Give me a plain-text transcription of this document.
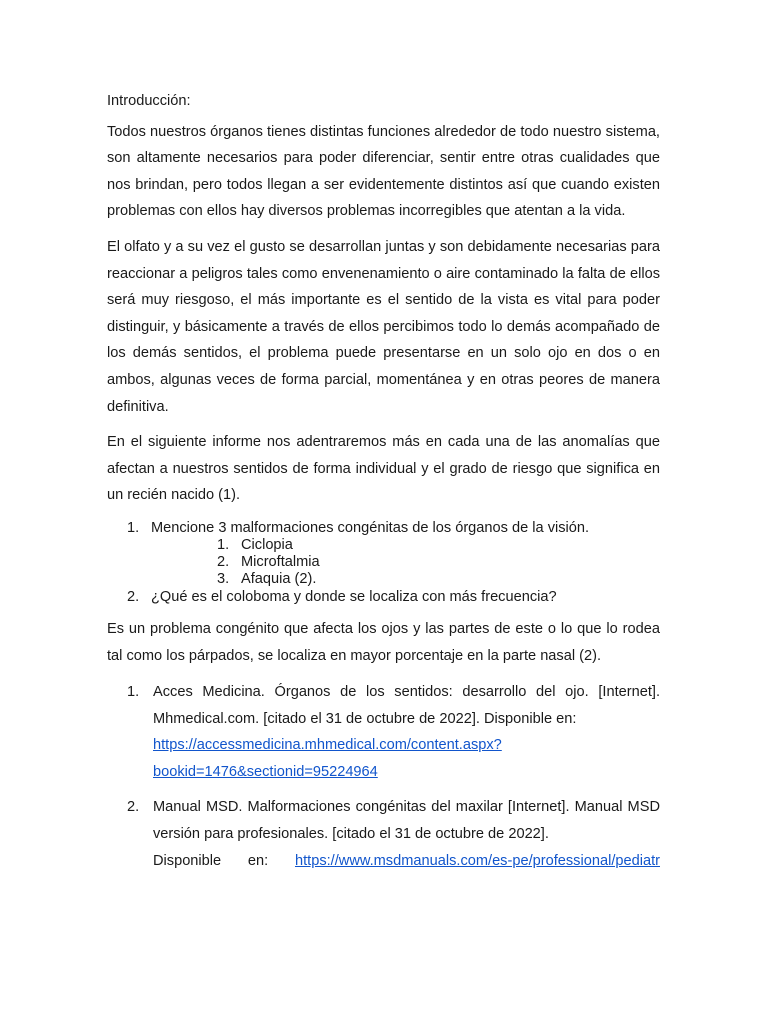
Introducción:

Todos nuestros órganos tienes distintas funciones alrededor de todo nuestro sistema, son altamente necesarios para poder diferenciar, sentir entre otras cualidades que nos brindan, pero todos llegan a ser evidentemente distintos así que cuando existen problemas con ellos hay diversos problemas incorregibles que atentan a la vida.

El olfato y a su vez el gusto se desarrollan juntas y son debidamente necesarias para reaccionar a peligros tales como envenenamiento o aire contaminado la falta de ellos será muy riesgoso, el más importante es el sentido de la vista es vital para poder distinguir, y básicamente a través de ellos percibimos todo lo demás acompañado de los demás sentidos, el problema puede presentarse en un solo ojo en dos o en ambos, algunas veces de forma parcial, momentánea y en otras peores de manera definitiva.

En el siguiente informe nos adentraremos más en cada una de las anomalías que afectan a nuestros sentidos de forma individual y el grado de riesgo que significa en un recién nacido (1).

1. Mencione 3 malformaciones congénitas de los órganos de la visión.
1. Ciclopia
2. Microftalmia
3. Afaquia (2).
2. ¿Qué es el coloboma y donde se localiza con más frecuencia?

Es un problema congénito que afecta los ojos y las partes de este o lo que lo rodea tal como los párpados, se localiza en mayor porcentaje en la parte nasal (2).

1. Acces Medicina. Órganos de los sentidos: desarrollo del ojo. [Internet]. Mhmedical.com. [citado el 31 de octubre de 2022]. Disponible en:
https://accessmedicina.mhmedical.com/content.aspx?
bookid=1476&sectionid=95224964
2. Manual MSD. Malformaciones congénitas del maxilar [Internet]. Manual MSD versión para profesionales. [citado el 31 de octubre de 2022].
Disponible en: https://www.msdmanuals.com/es-pe/professional/pediatr
